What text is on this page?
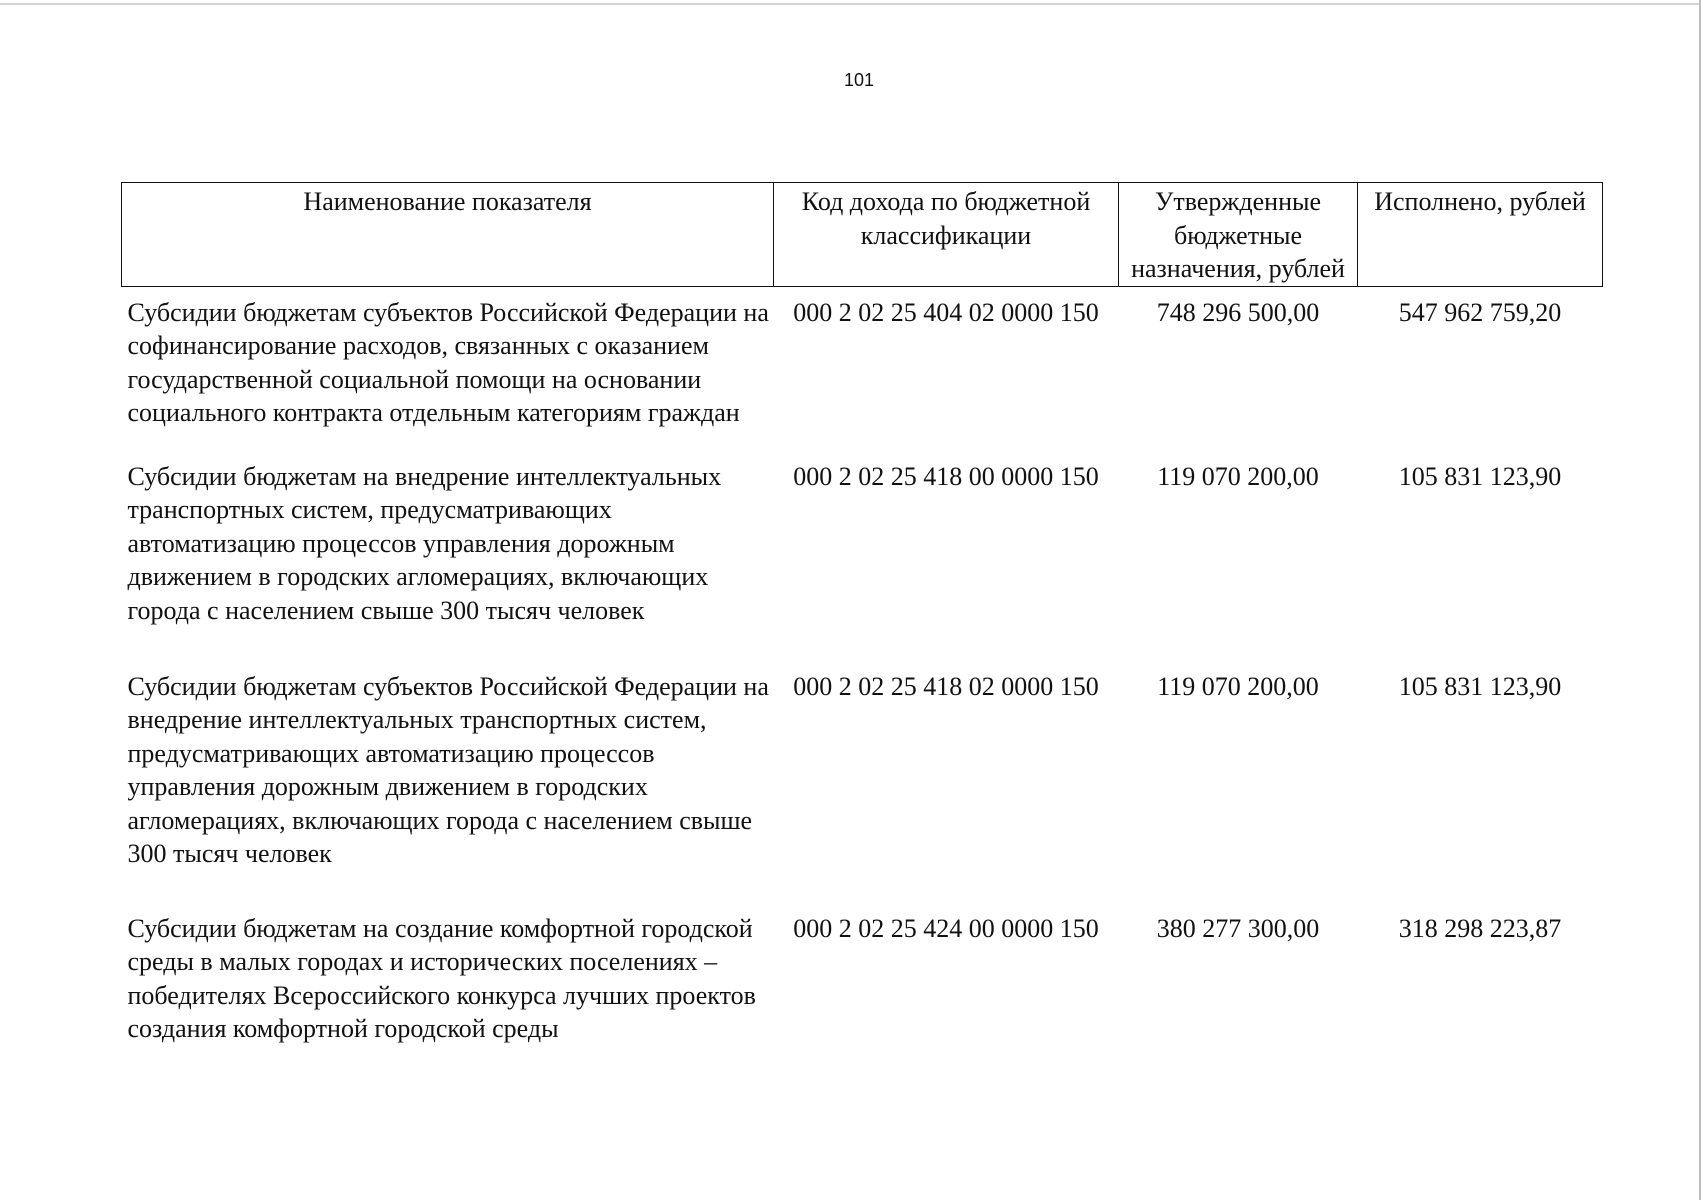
101
Наименование показателя	Код дохода по бюджетной классификации	Утвержденные бюджетные назначения, рублей	Исполнено, рублей
Субсидии бюджетам субъектов Российской Федерации на софинансирование расходов, связанных с оказанием государственной социальной помощи на основании социального контракта отдельным категориям граждан	000 2 02 25 404 02 0000 150	748 296 500,00	547 962 759,20
Субсидии бюджетам на внедрение интеллектуальных транспортных систем, предусматривающих автоматизацию процессов управления дорожным движением в городских агломерациях, включающих города с населением свыше 300 тысяч человек	000 2 02 25 418 00 0000 150	119 070 200,00	105 831 123,90
Субсидии бюджетам субъектов Российской Федерации на внедрение интеллектуальных транспортных систем, предусматривающих автоматизацию процессов управления дорожным движением в городских агломерациях, включающих города с населением свыше 300 тысяч человек	000 2 02 25 418 02 0000 150	119 070 200,00	105 831 123,90
Субсидии бюджетам на создание комфортной городской среды в малых городах и исторических поселениях – победителях Всероссийского конкурса лучших проектов создания комфортной городской среды	000 2 02 25 424 00 0000 150	380 277 300,00	318 298 223,87
